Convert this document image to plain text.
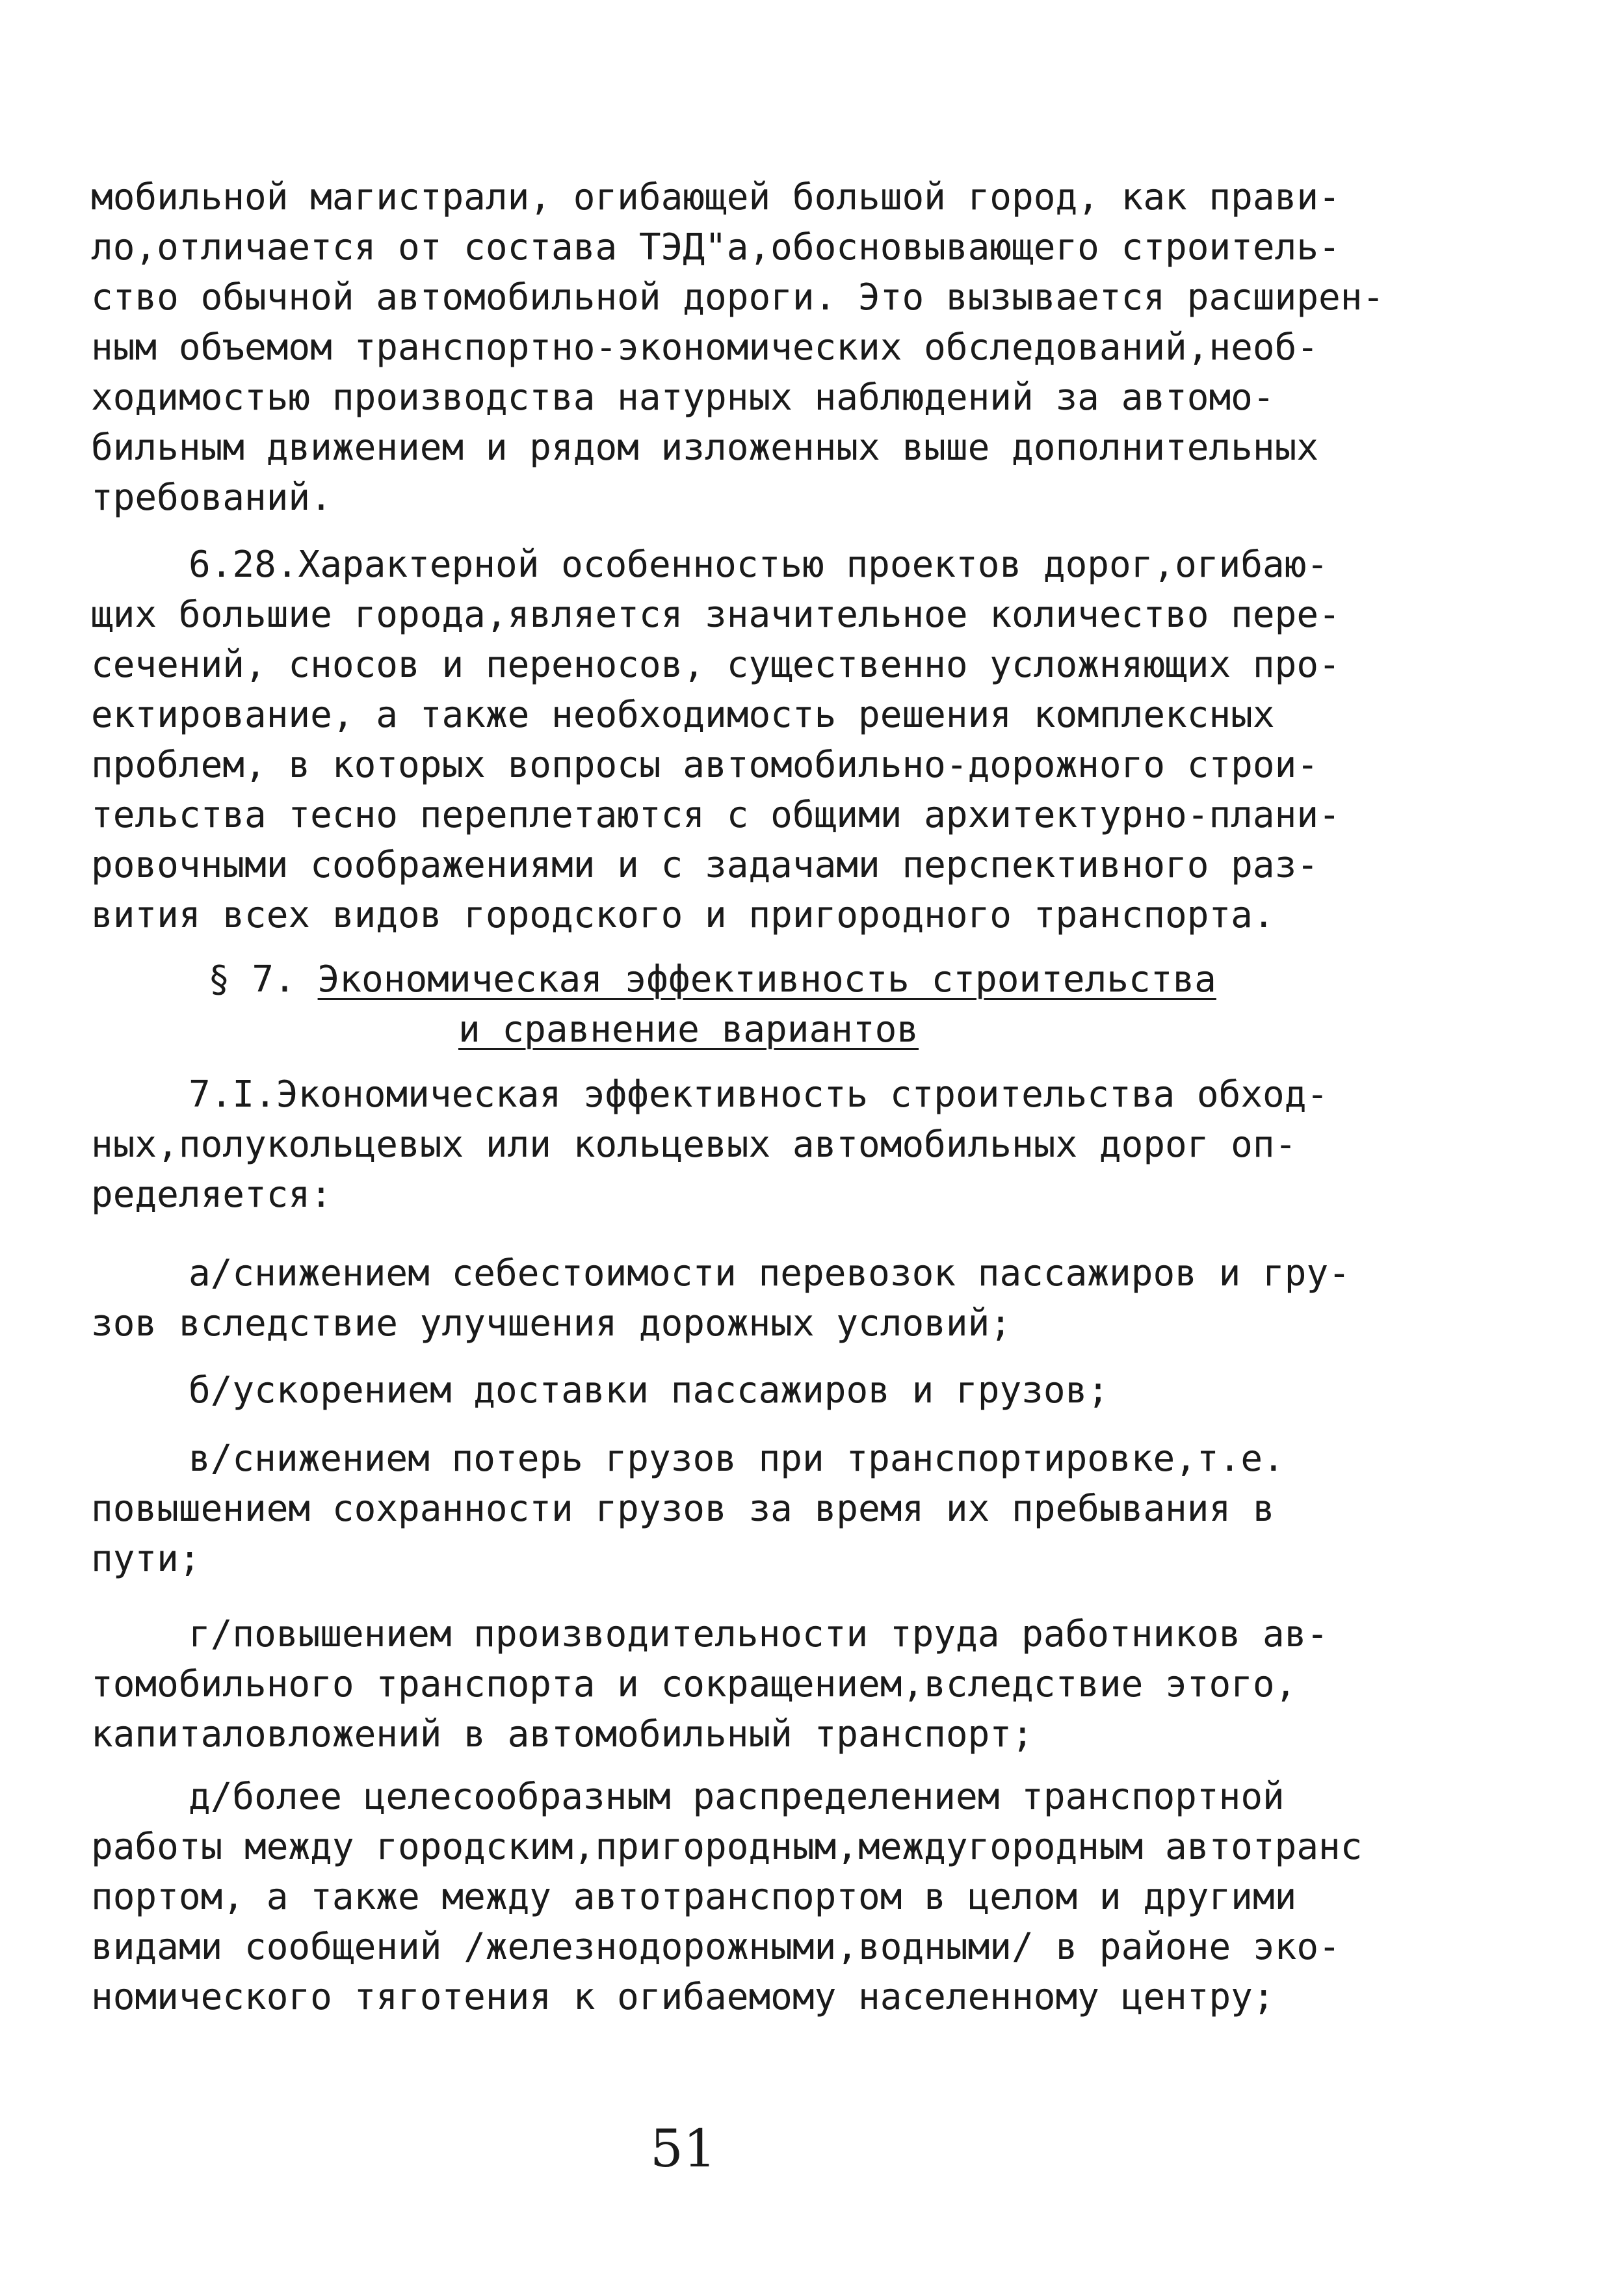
мобильной магистрали, огибающей большой город, как прави-
ло,отличается от состава ТЭД"а,обосновывающего строитель-
ство обычной автомобильной дороги. Это вызывается расширен-
ным объемом транспортно-экономических обследований,необ-
ходимостью производства натурных наблюдений за автомо-
бильным движением и рядом изложенных выше дополнительных
требований.
6.28.Характерной особенностью проектов дорог,огибаю-
щих большие города,является значительное количество пере-
сечений, сносов и переносов, существенно усложняющих про-
ектирование, а также необходимость решения комплексных
проблем, в которых вопросы автомобильно-дорожного строи-
тельства тесно переплетаются с общими архитектурно-плани-
ровочными соображениями и с задачами перспективного раз-
вития всех видов городского и пригородного транспорта.
§ 7. Экономическая эффективность строительства
и сравнение вариантов
7.I.Экономическая эффективность строительства обход-
ных,полукольцевых или кольцевых автомобильных дорог оп-
ределяется:
а/снижением себестоимости перевозок пассажиров и гру-
зов вследствие улучшения дорожных условий;
б/ускорением доставки пассажиров и грузов;
в/снижением потерь грузов при транспортировке,т.е.
повышением сохранности грузов за время их пребывания в
пути;
г/повышением производительности труда работников ав-
томобильного транспорта и сокращением,вследствие этого,
капиталовложений в автомобильный транспорт;
д/более целесообразным распределением транспортной
работы между городским,пригородным,междугородным автотранс
портом, а также между автотранспортом в целом и другими
видами сообщений /железнодорожными,водными/ в районе эко-
номического тяготения к огибаемому населенному центру;
51
